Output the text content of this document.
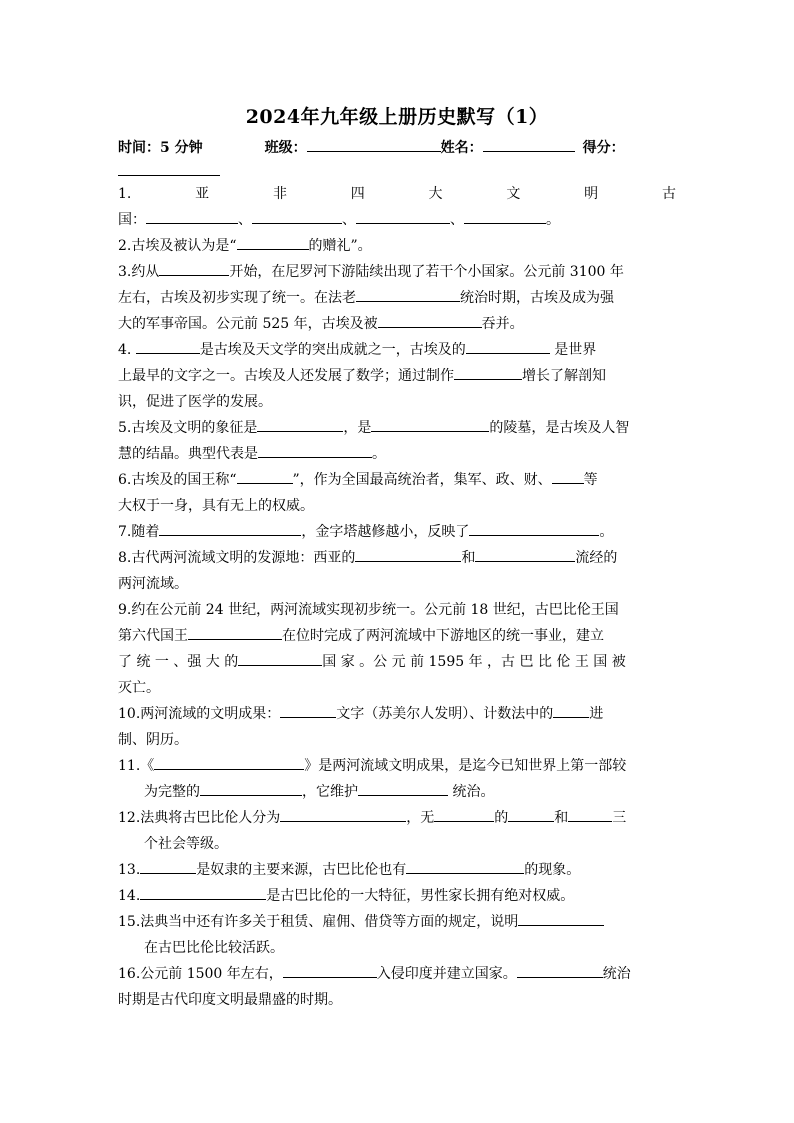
2024年九年级上册历史默写（1）
时间：5 分钟	班级：	姓名：	得分：
1.	亚	非	四	大	文	明	古
国：	、	、	、	。
2.古埃及被认为是“	的赠礼”。
3.约从	开始，在尼罗河下游陆续出现了若干个小国家。公元前 3100 年
左右，古埃及初步实现了统一。在法老	统治时期，古埃及成为强
大的军事帝国。公元前 525 年，古埃及被	吞并。
4.	是古埃及天文学的突出成就之一，古埃及的	是世界
上最早的文字之一。古埃及人还发展了数学；通过制作	增长了解剖知
识，促进了医学的发展。
5.古埃及文明的象征是	，是	的陵墓，是古埃及人智
慧的结晶。典型代表是	。
6.古埃及的国王称“	”，作为全国最高统治者，集军、政、财、 等
大权于一身，具有无上的权威。
7.随着	，金字塔越修越小，反映了	。
8.古代两河流域文明的发源地：西亚的	和	流经的
两河流域。
9.约在公元前 24 世纪，两河流域实现初步统一。公元前 18 世纪，古巴比伦王国
第六代国王	在位时完成了两河流域中下游地区的统一事业，建立
了 统 一 、强 大 的	国 家 。公 元 前 1595 年 ，古 巴 比 伦 王 国 被
灭亡。
10.两河流域的文明成果：	文字（苏美尔人发明）、计数法中的	进
制、阴历。
11.《	》是两河流域文明成果，是迄今已知世界上第一部较
为完整的	，它维护	统治。
12.法典将古巴比伦人分为	，无	的	和	三
个社会等级。
13.	是奴隶的主要来源，古巴比伦也有	的现象。
14.	是古巴比伦的一大特征，男性家长拥有绝对权威。
15.法典当中还有许多关于租赁、雇佣、借贷等方面的规定，说明
在古巴比伦比较活跃。
16.公元前 1500 年左右，	入侵印度并建立国家。	统治
时期是古代印度文明最鼎盛的时期。
